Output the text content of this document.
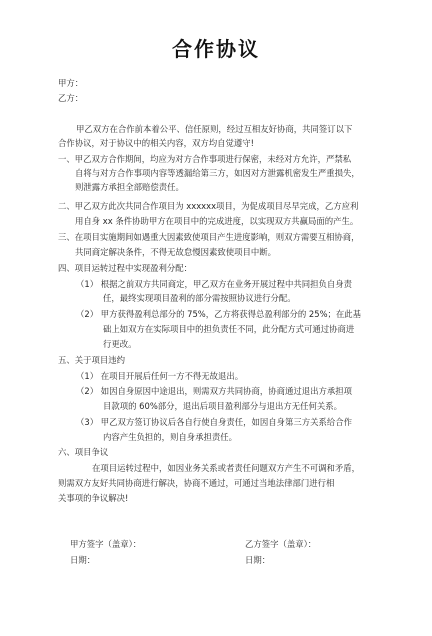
合作协议
甲方：
乙方：
甲乙双方在合作前本着公平、信任原则，经过互相友好协商，共同签订以下
合作协议，对于协议中的相关内容，双方均自觉遵守!
一、甲乙双方合作期间，均应为对方合作事项进行保密，未经对方允许，严禁私
自将与对方合作事项内容等透漏给第三方，如因对方泄露机密发生严重损失，
则泄露方承担全部赔偿责任。
二、甲乙双方此次共同合作项目为 xxxxxx项目，为促成项目尽早完成，乙方应利
用自身 xx 条件协助甲方在项目中的完成进度，以实现双方共赢局面的产生。
三、在项目实施期间如遇重大因素致使项目产生进度影响，则双方需要互相协商，
共同商定解决条件，不得无故怠慢因素致使项目中断。
四、项目运转过程中实现盈利分配：
（1） 根据之前双方共同商定，甲乙双方在业务开展过程中共同担负自身责
任，最终实现项目盈利的部分需按照协议进行分配。
（2） 甲方获得盈利总部分的 75%，乙方将获得总盈利部分的 25%；在此基
础上如双方在实际项目中的担负责任不同，此分配方式可通过协商进
行更改。
五、关于项目违约
（1） 在项目开展后任何一方不得无故退出。
（2） 如因自身原因中途退出，则需双方共同协商，协商通过退出方承担项
目款项的 60%部分，退出后项目盈利部分与退出方无任何关系。
（3） 甲乙双方签订协议后各自行使自身责任，如因自身第三方关系给合作
内容产生负担的，则自身承担责任。
六、项目争议
在项目运转过程中，如因业务关系或者责任问题双方产生不可调和矛盾，
则需双方友好共同协商进行解决，协商不通过，可通过当地法律部门进行相
关事项的争议解决!
甲方签字（盖章）：
日期：
乙方签字（盖章）：
日期：
